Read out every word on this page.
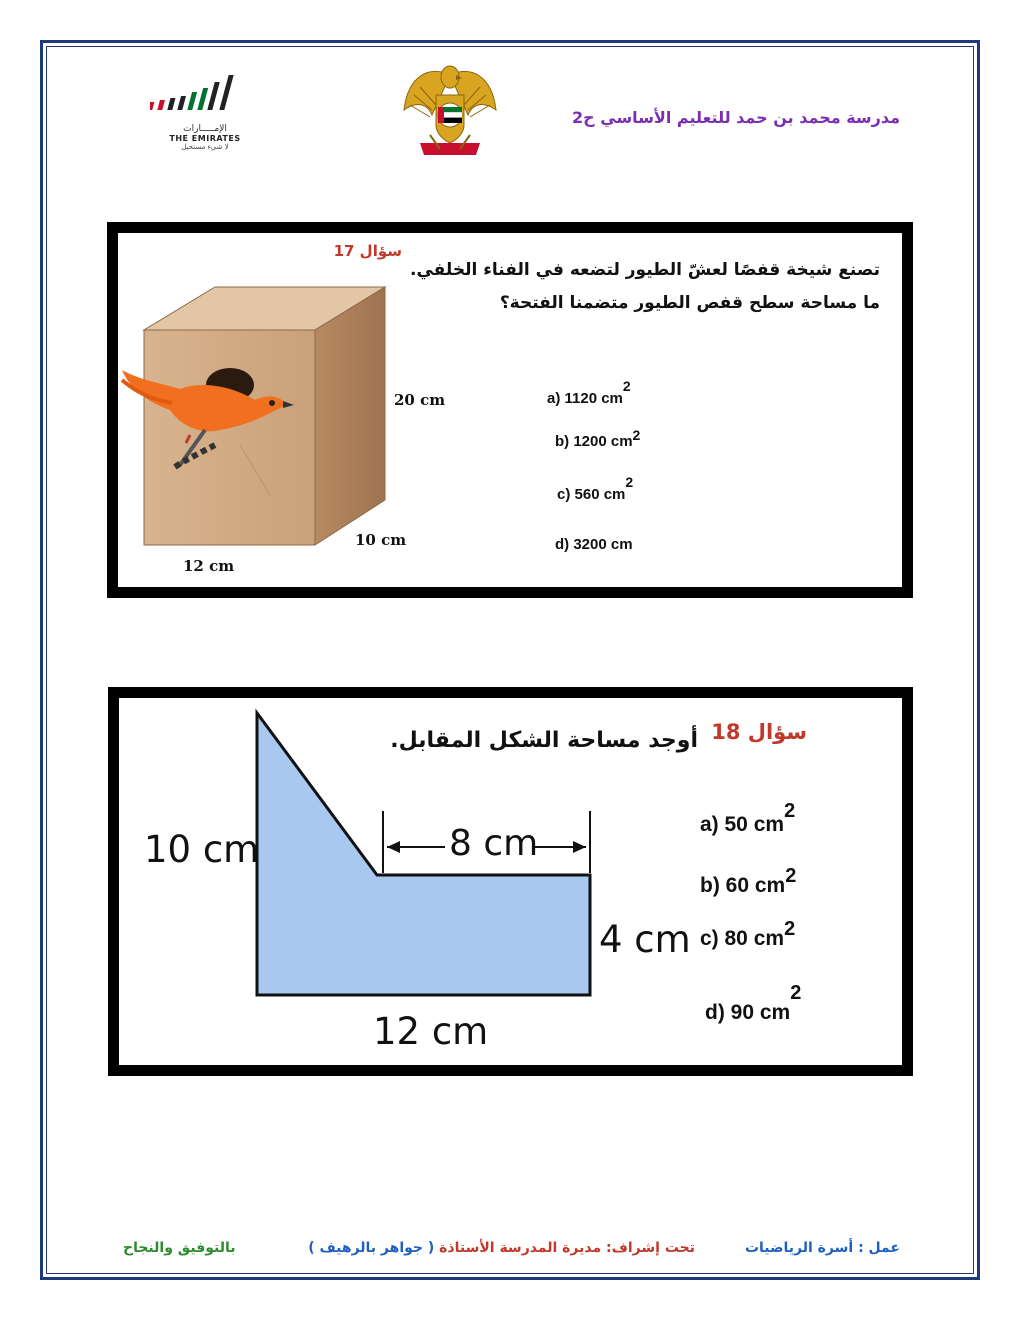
مدرسة محمد بن حمد للتعليم الأساسي ح2
الإمـــــارات
THE EMIRATES
لا شيء مستحيل
سؤال 17
تصنع شيخة قفصًا لعشّ الطيور لتضعه في الفناء الخلفي.
ما مساحة سطح قفص الطيور متضمنا الفتحة؟
20 cm
10 cm
12 cm
a) 1120 $cm^2$
b) 1200 $cm^2$
c) 560 $cm^2$
d) 3200 cm
سؤال 18
أوجد مساحة الشكل المقابل.
10 cm	8 cm
4 cm
12 cm
a) 50 $cm^2$
b) 60 $cm^2$
c) 80 $cm^2$
d) 90 $cm^2$
عمل : أسرة الرياضيات
تحت إشراف: مديرة المدرسة الأستاذة ( جواهر بالرهيف )
بالتوفيق والنجاح
